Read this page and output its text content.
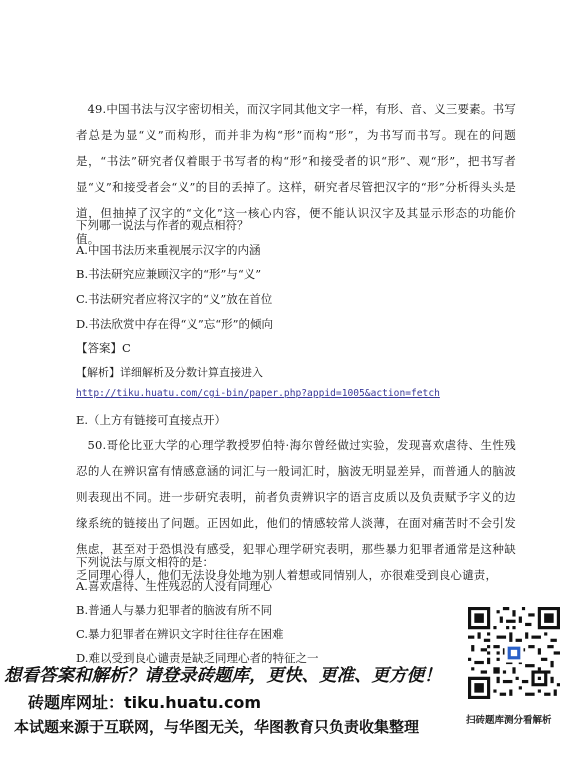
49.中国书法与汉字密切相关，而汉字同其他文字一样，有形、音、义三要素。书写者总是为显“义”而构形，而并非为构“形”而构“形”，为书写而书写。现在的问题是，“书法”研究者仅着眼于书写者的构“形”和接受者的识“形”、观“形”，把书写者显“义”和接受者会“义”的目的丢掉了。这样，研究者尽管把汉字的“形”分析得头头是道，但抽掉了汉字的“文化”这一核心内容，便不能认识汉字及其显示形态的功能价值。
下列哪一说法与作者的观点相符？
A.中国书法历来重视展示汉字的内涵
B.书法研究应兼顾汉字的“形”与“义”
C.书法研究者应将汉字的“义”放在首位
D.书法欣赏中存在得“义”忘“形”的倾向
【答案】C
【解析】详细解析及分数计算直接进入
http://tiku.huatu.com/cgi-bin/paper.php?appid=1005&action=fetch
E.（上方有链接可直接点开）
50.哥伦比亚大学的心理学教授罗伯特·海尔曾经做过实验，发现喜欢虐待、生性残忍的人在辨识富有情感意涵的词汇与一般词汇时，脑波无明显差异，而普通人的脑波则表现出不同。进一步研究表明，前者负责辨识字的语言皮质以及负责赋予字义的边缘系统的链接出了问题。正因如此，他们的情感较常人淡薄，在面对痛苦时不会引发焦虑，甚至对于恐惧没有感受，犯罪心理学研究表明，那些暴力犯罪者通常是这种缺乏同理心得人，他们无法设身处地为别人着想或同情别人，亦很难受到良心谴责，
下列说法与原文相符的是：
A.喜欢虐待、生性残忍的人没有同理心
B.普通人与暴力犯罪者的脑波有所不同
C.暴力犯罪者在辨识文字时往往存在困难
D.难以受到良心谴责是缺乏同理心者的特征之一
想看答案和解析？请登录砖题库，更快、更准、更方便！
砖题库网址：tiku.huatu.com
本试题来源于互联网，与华图无关，华图教育只负责收集整理	扫砖题库测分看解析
